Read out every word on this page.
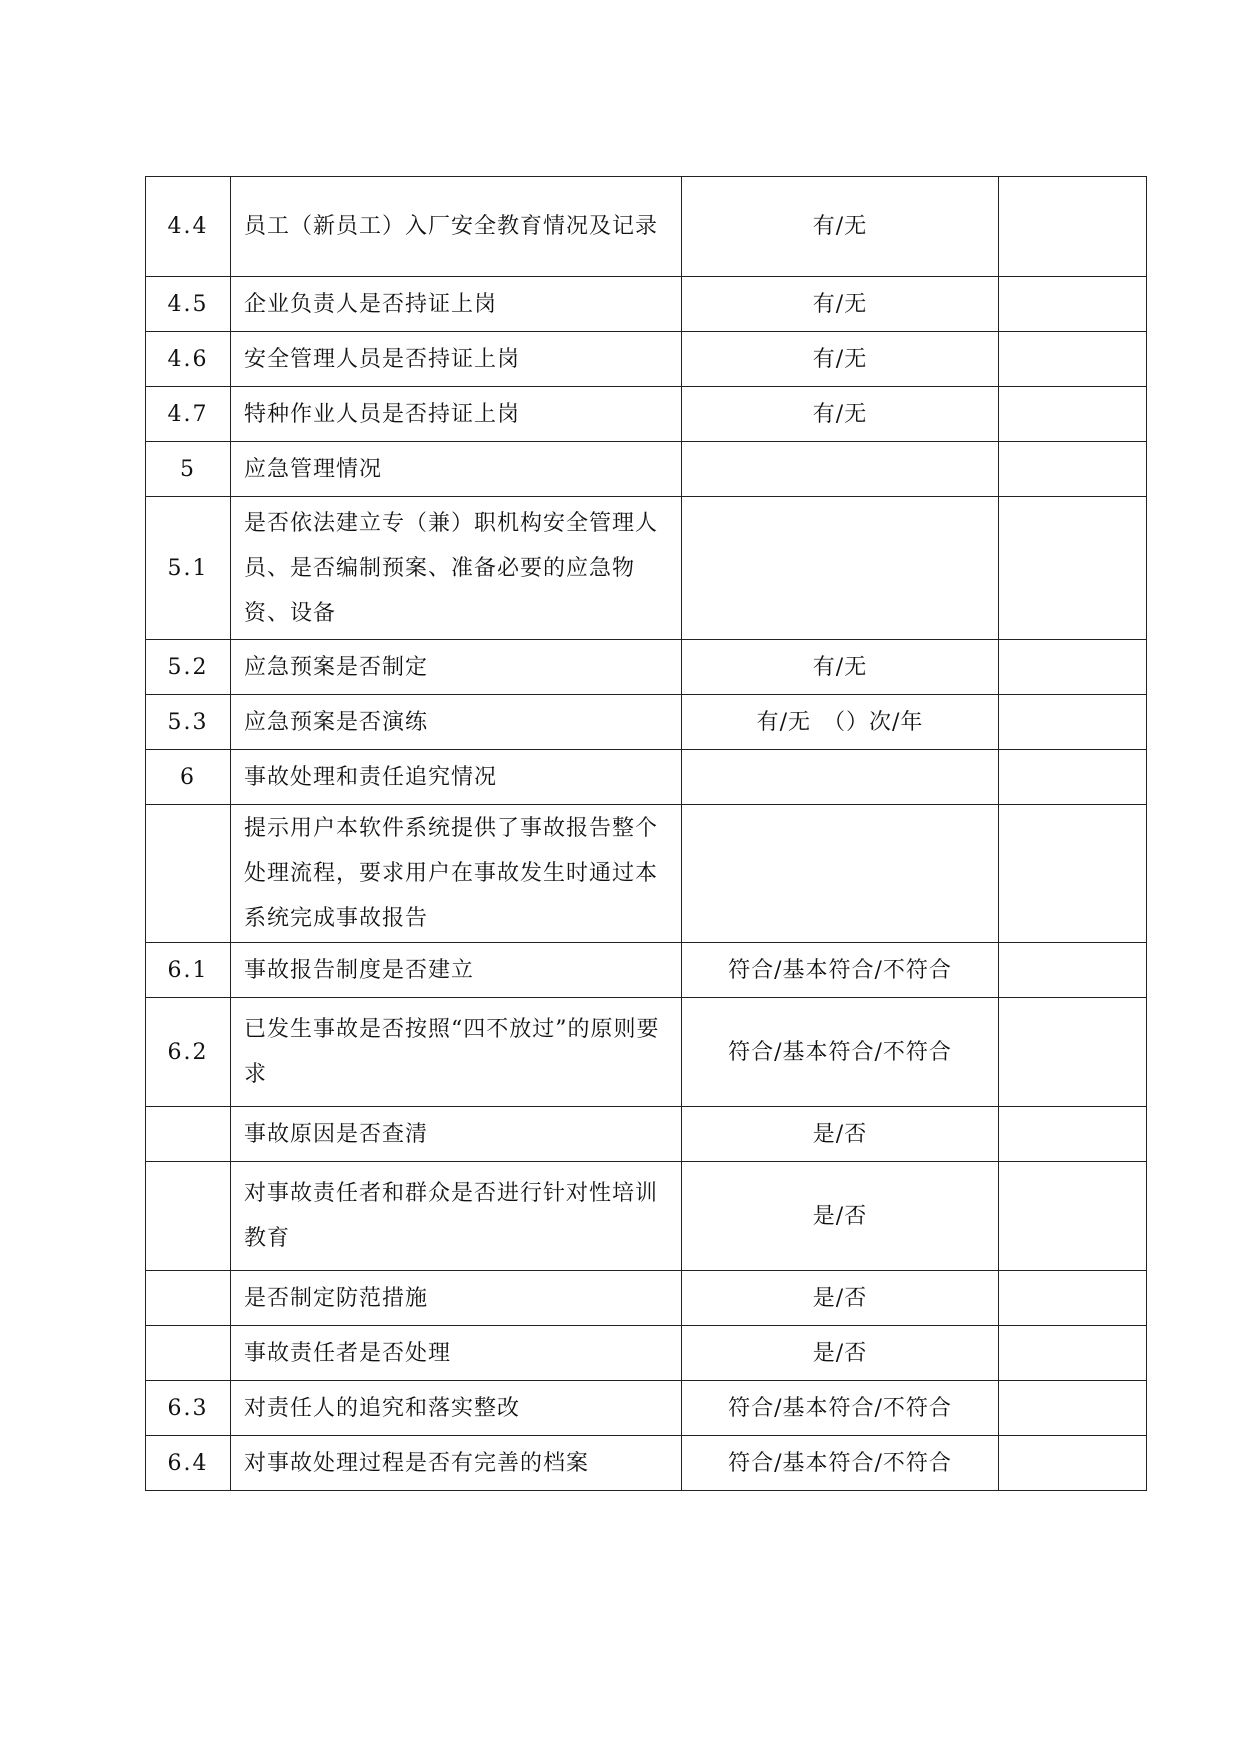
4.4	员工（新员工）入厂安全教育情况及记录	有/无	
4.5	企业负责人是否持证上岗	有/无	
4.6	安全管理人员是否持证上岗	有/无	
4.7	特种作业人员是否持证上岗	有/无	
5	应急管理情况		
5.1	是否依法建立专（兼）职机构安全管理人员、是否编制预案、准备必要的应急物资、设备		
5.2	应急预案是否制定	有/无	
5.3	应急预案是否演练	有/无　（）次/年	
6	事故处理和责任追究情况		
	提示用户本软件系统提供了事故报告整个处理流程，要求用户在事故发生时通过本系统完成事故报告		
6.1	事故报告制度是否建立	符合/基本符合/不符合	
6.2	已发生事故是否按照“四不放过”的原则要求	符合/基本符合/不符合	
	事故原因是否查清	是/否	
	对事故责任者和群众是否进行针对性培训教育	是/否	
	是否制定防范措施	是/否	
	事故责任者是否处理	是/否	
6.3	对责任人的追究和落实整改	符合/基本符合/不符合	
6.4	对事故处理过程是否有完善的档案	符合/基本符合/不符合	
